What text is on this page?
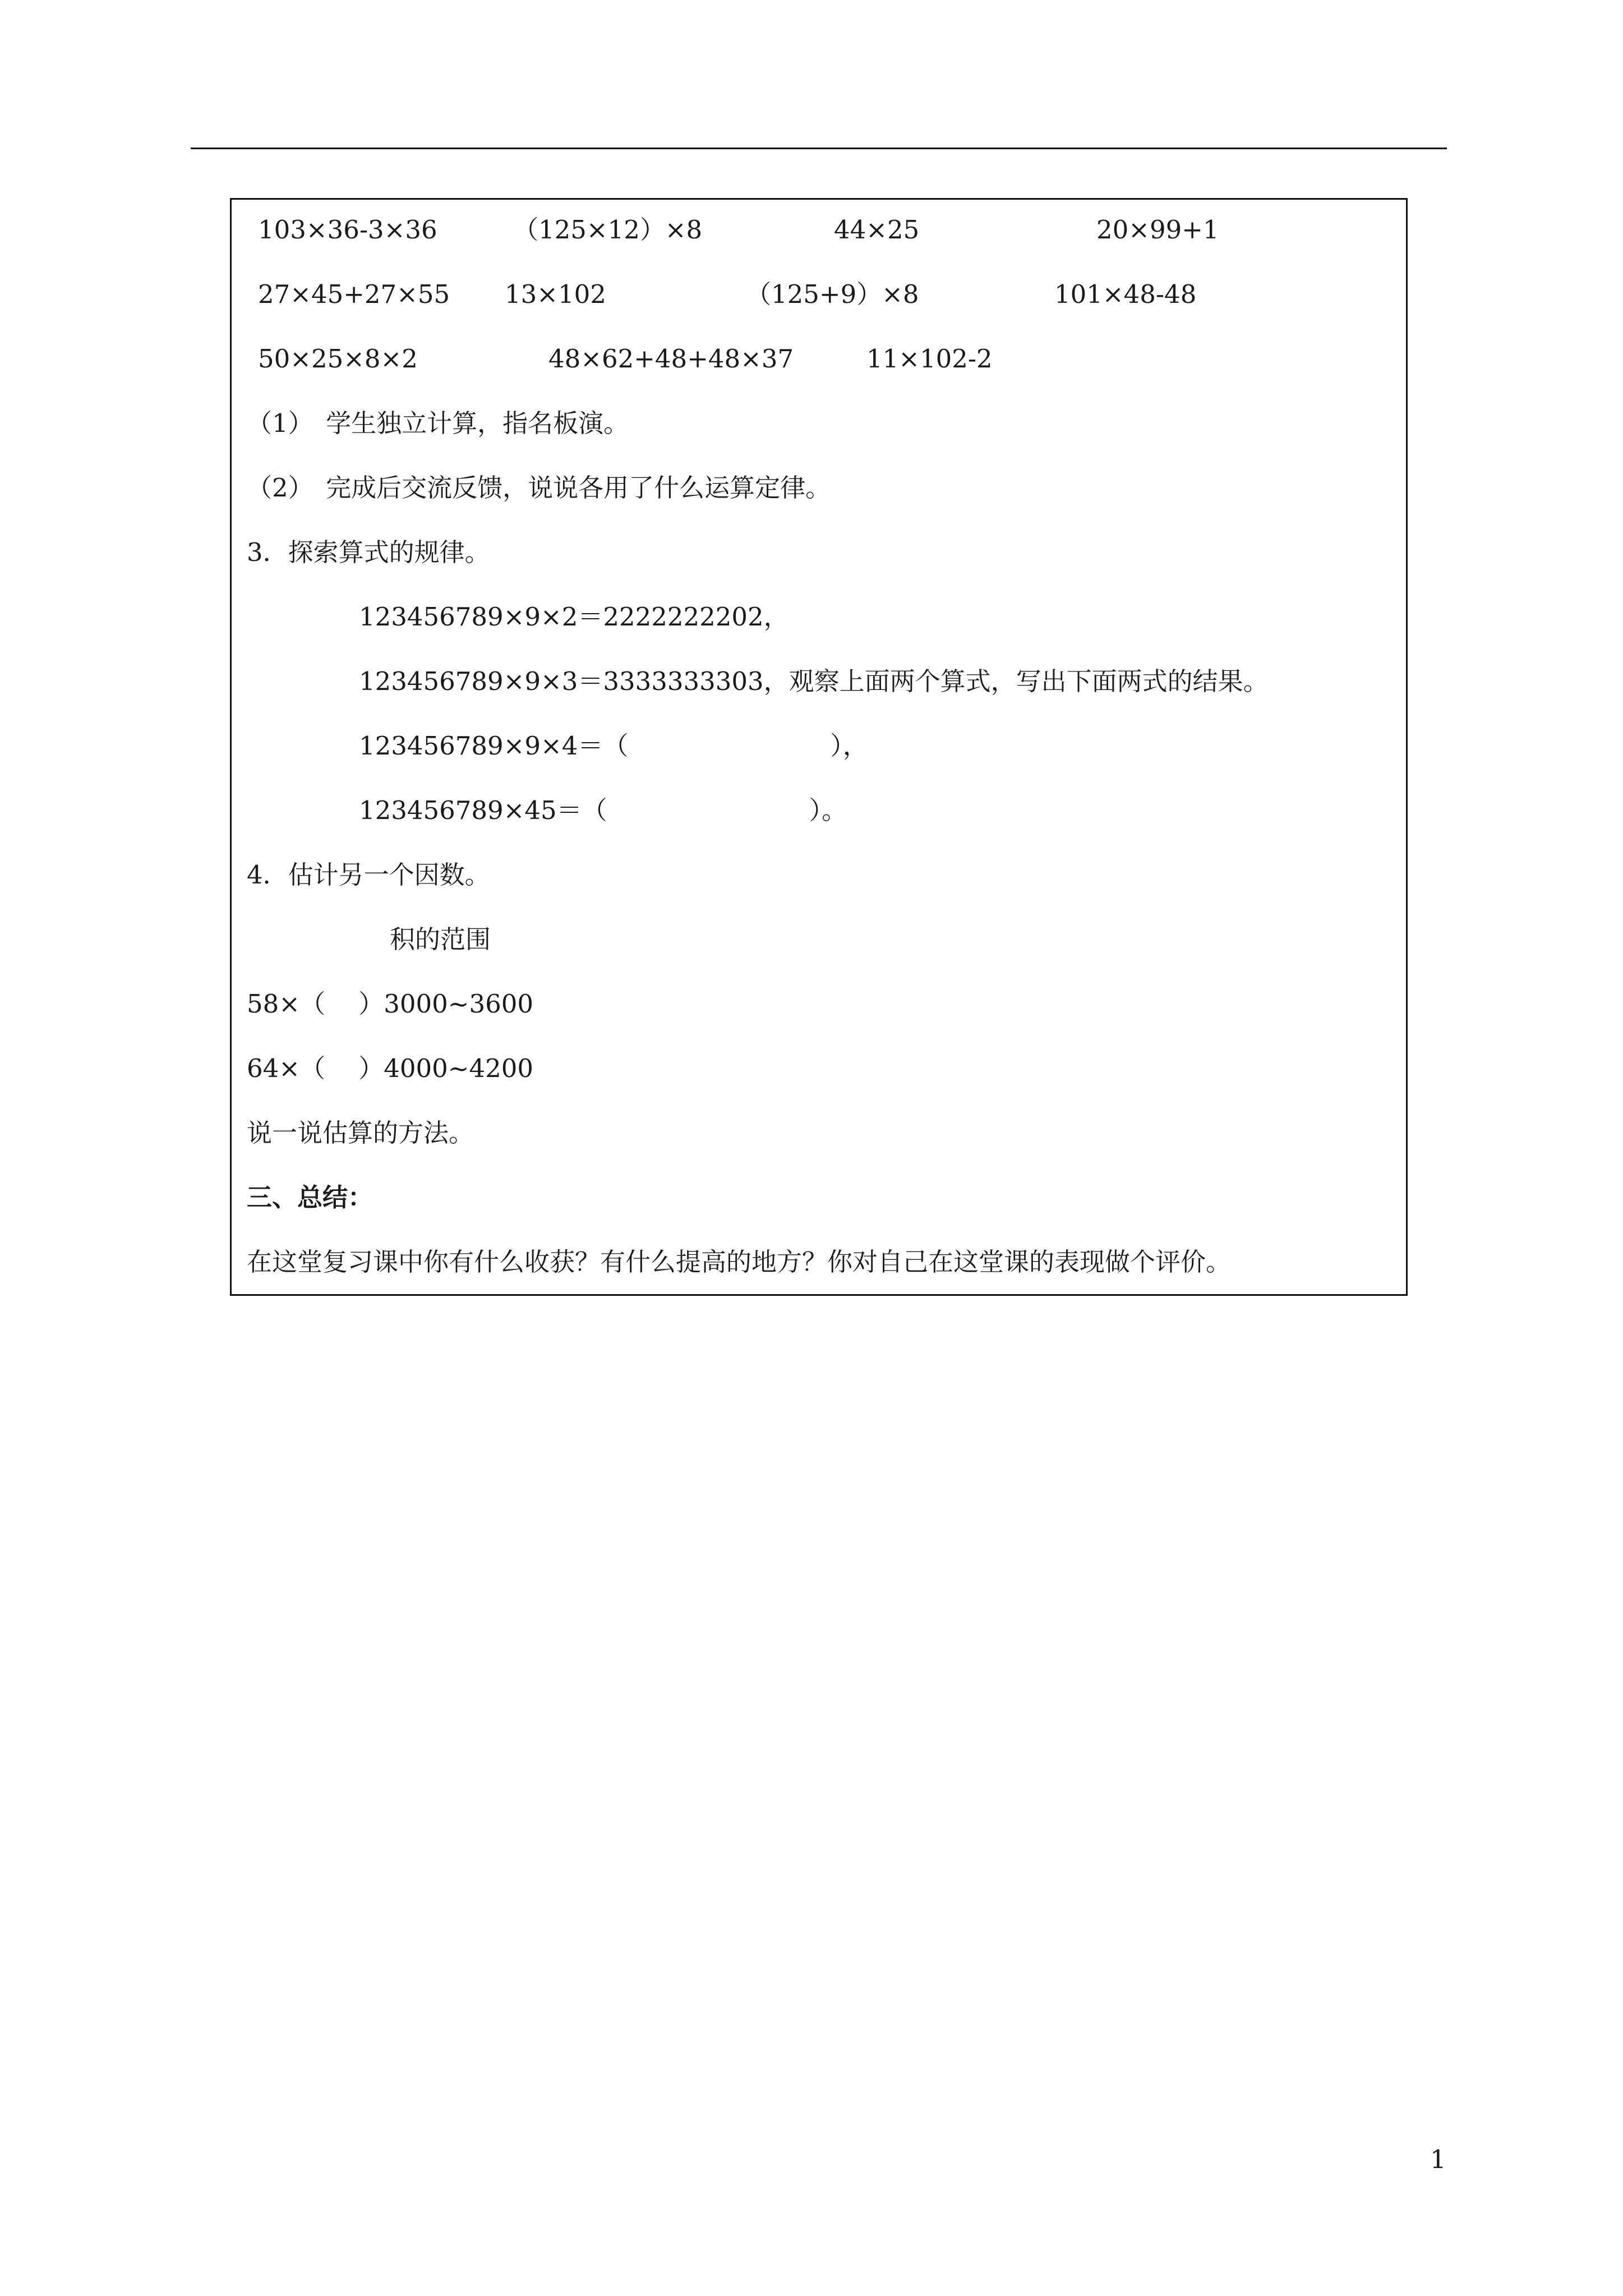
103×36-3×36	（125×12）×8	44×25	20×99+1
27×45+27×55 13×102	（125+9）×8	101×48-48
50×25×8×2	48×62+48+48×37	11×102-2
（1）　学生独立计算，指名板演。
（2）　完成后交流反馈，说说各用了什么运算定律。
3．探索算式的规律。
123456789×9×2＝2222222202，
123456789×9×3＝3333333303，观察上面两个算式，写出下面两式的结果。
123456789×9×4＝（　　　　　　　　），
123456789×45＝（　　　　　　　　）。
4．估计另一个因数。
积的范围
58×（　 ）3000~3600
64×（　 ）4000~4200
说一说估算的方法。
三、总结：
在这堂复习课中你有什么收获？有什么提高的地方？你对自己在这堂课的表现做个评价。
1
